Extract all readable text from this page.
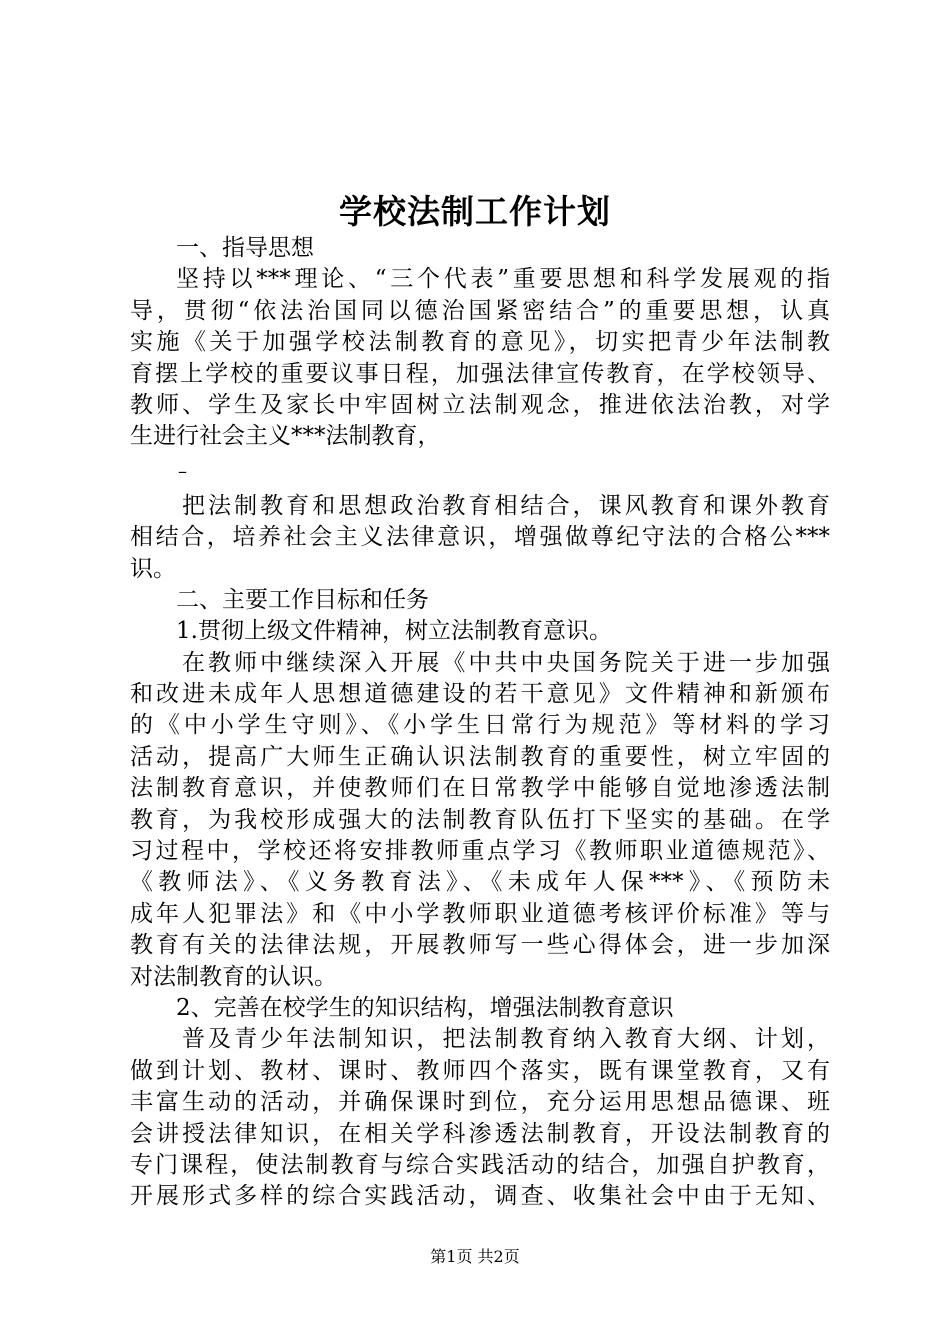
学校法制工作计划
一、指导思想
坚持以***理论、“三个代表”重要思想和科学发展观的指
导，贯彻“依法治国同以德治国紧密结合”的重要思想，认真
实施《关于加强学校法制教育的意见》，切实把青少年法制教
育摆上学校的重要议事日程，加强法律宣传教育，在学校领导、
教师、学生及家长中牢固树立法制观念，推进依法治教，对学
生进行社会主义***法制教育，
–
把法制教育和思想政治教育相结合，课风教育和课外教育
相结合，培养社会主义法律意识，增强做尊纪守法的合格公***
识。
二、主要工作目标和任务
1.贯彻上级文件精神，树立法制教育意识。
在教师中继续深入开展《中共中央国务院关于进一步加强
和改进未成年人思想道德建设的若干意见》文件精神和新颁布
的《中小学生守则》、《小学生日常行为规范》等材料的学习
活动，提高广大师生正确认识法制教育的重要性，树立牢固的
法制教育意识，并使教师们在日常教学中能够自觉地渗透法制
教育，为我校形成强大的法制教育队伍打下坚实的基础。在学
习过程中，学校还将安排教师重点学习《教师职业道德规范》、
《教师法》、《义务教育法》、《未成年人保***》、《预防未
成年人犯罪法》和《中小学教师职业道德考核评价标准》等与
教育有关的法律法规，开展教师写一些心得体会，进一步加深
对法制教育的认识。
2、完善在校学生的知识结构，增强法制教育意识
普及青少年法制知识，把法制教育纳入教育大纲、计划，
做到计划、教材、课时、教师四个落实，既有课堂教育，又有
丰富生动的活动，并确保课时到位，充分运用思想品德课、班
会讲授法律知识，在相关学科渗透法制教育，开设法制教育的
专门课程，使法制教育与综合实践活动的结合，加强自护教育，
开展形式多样的综合实践活动，调查、收集社会中由于无知、
第1页 共2页
